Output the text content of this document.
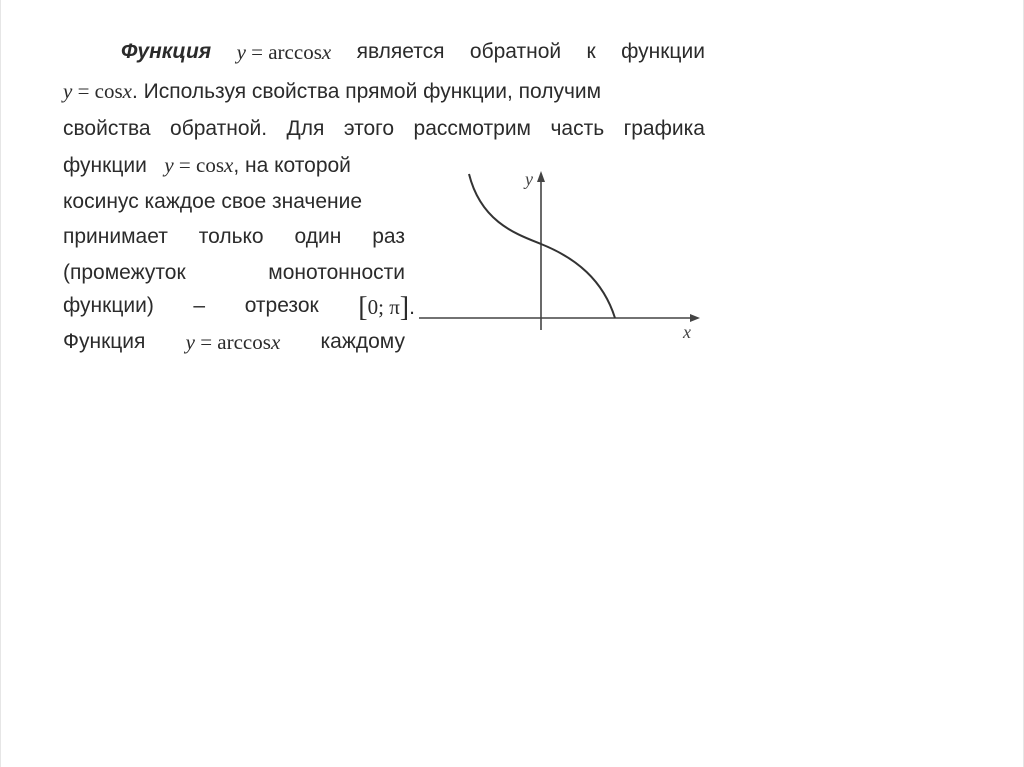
Функция y = arccosx является обратной к функции
y = cosx. Используя свойства прямой функции, получим
свойства обратной. Для этого рассмотрим часть графика
функции y = cosx, на которой
косинус каждое свое значение
принимает только один раз
(промежуток	монотонности
функции) – отрезок [0; π].
Функция y = arccosx каждому
y
x
